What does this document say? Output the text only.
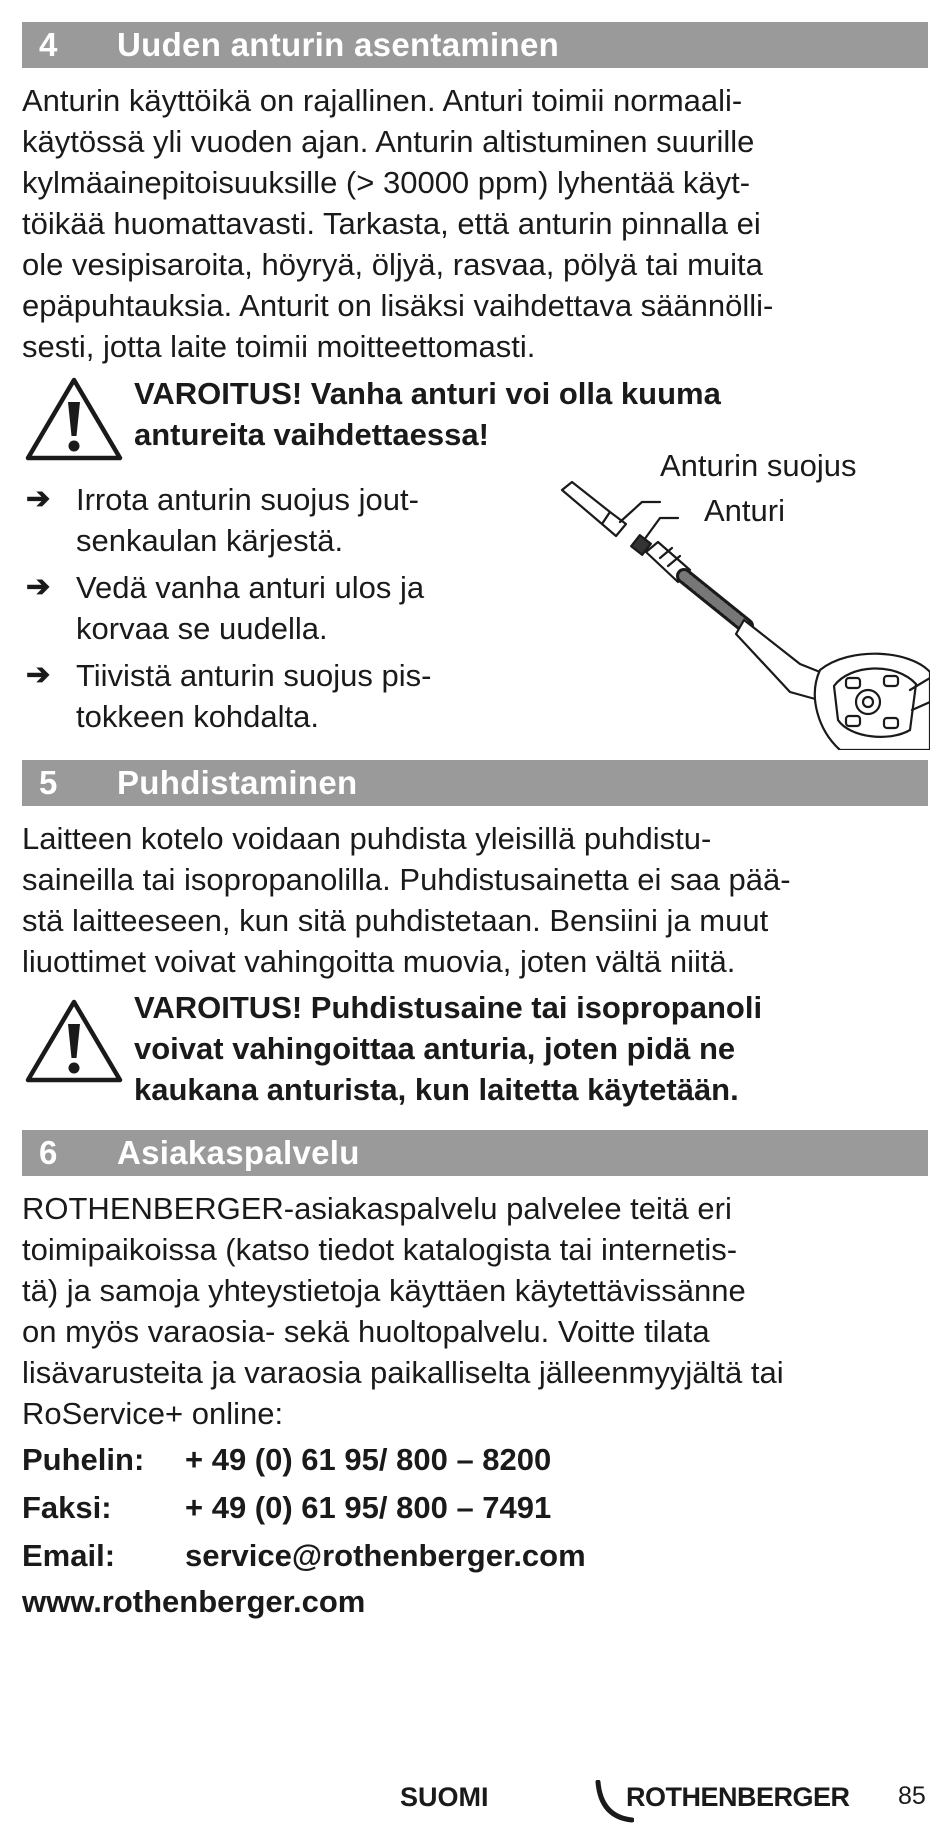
4 Uuden anturin asentaminen

Anturin käyttöikä on rajallinen. Anturi toimii normaali-
käytössä yli vuoden ajan. Anturin altistuminen suurille
kylmäainepitoisuuksille (> 30000 ppm) lyhentää käyt-
töikää huomattavasti. Tarkasta, että anturin pinnalla ei
ole vesipisaroita, höyryä, öljyä, rasvaa, pölyä tai muita
epäpuhtauksia. Anturit on lisäksi vaihdettava säännölli-
sesti, jotta laite toimii moitteettomasti.

VAROITUS! Vanha anturi voi olla kuuma
antureita vaihdettaessa!

➔ Irrota anturin suojus jout-
senkaulan kärjestä.
➔ Vedä vanha anturi ulos ja
korvaa se uudella.
➔ Tiivistä anturin suojus pis-
tokkeen kohdalta.
Anturin suojus
Anturi
5 Puhdistaminen

Laitteen kotelo voidaan puhdista yleisillä puhdistu-
saineilla tai isopropanolilla. Puhdistusainetta ei saa pää-
stä laitteeseen, kun sitä puhdistetaan. Bensiini ja muut
liuottimet voivat vahingoitta muovia, joten vältä niitä.

VAROITUS! Puhdistusaine tai isopropanoli
voivat vahingoittaa anturia, joten pidä ne
kaukana anturista, kun laitetta käytetään.

6 Asiakaspalvelu

ROTHENBERGER-asiakaspalvelu palvelee teitä eri
toimipaikoissa (katso tiedot katalogista tai internetis-
tä) ja samoja yhteystietoja käyttäen käytettävissänne
on myös varaosia- sekä huoltopalvelu. Voitte tilata
lisävarusteita ja varaosia paikalliselta jälleenmyyjältä tai
RoService+ online:

Puhelin: + 49 (0) 61 95/ 800 – 8200
Faksi: + 49 (0) 61 95/ 800 – 7491
Email: service@rothenberger.com
www.rothenberger.com
SUOMI	ROTHENBERGER 85
